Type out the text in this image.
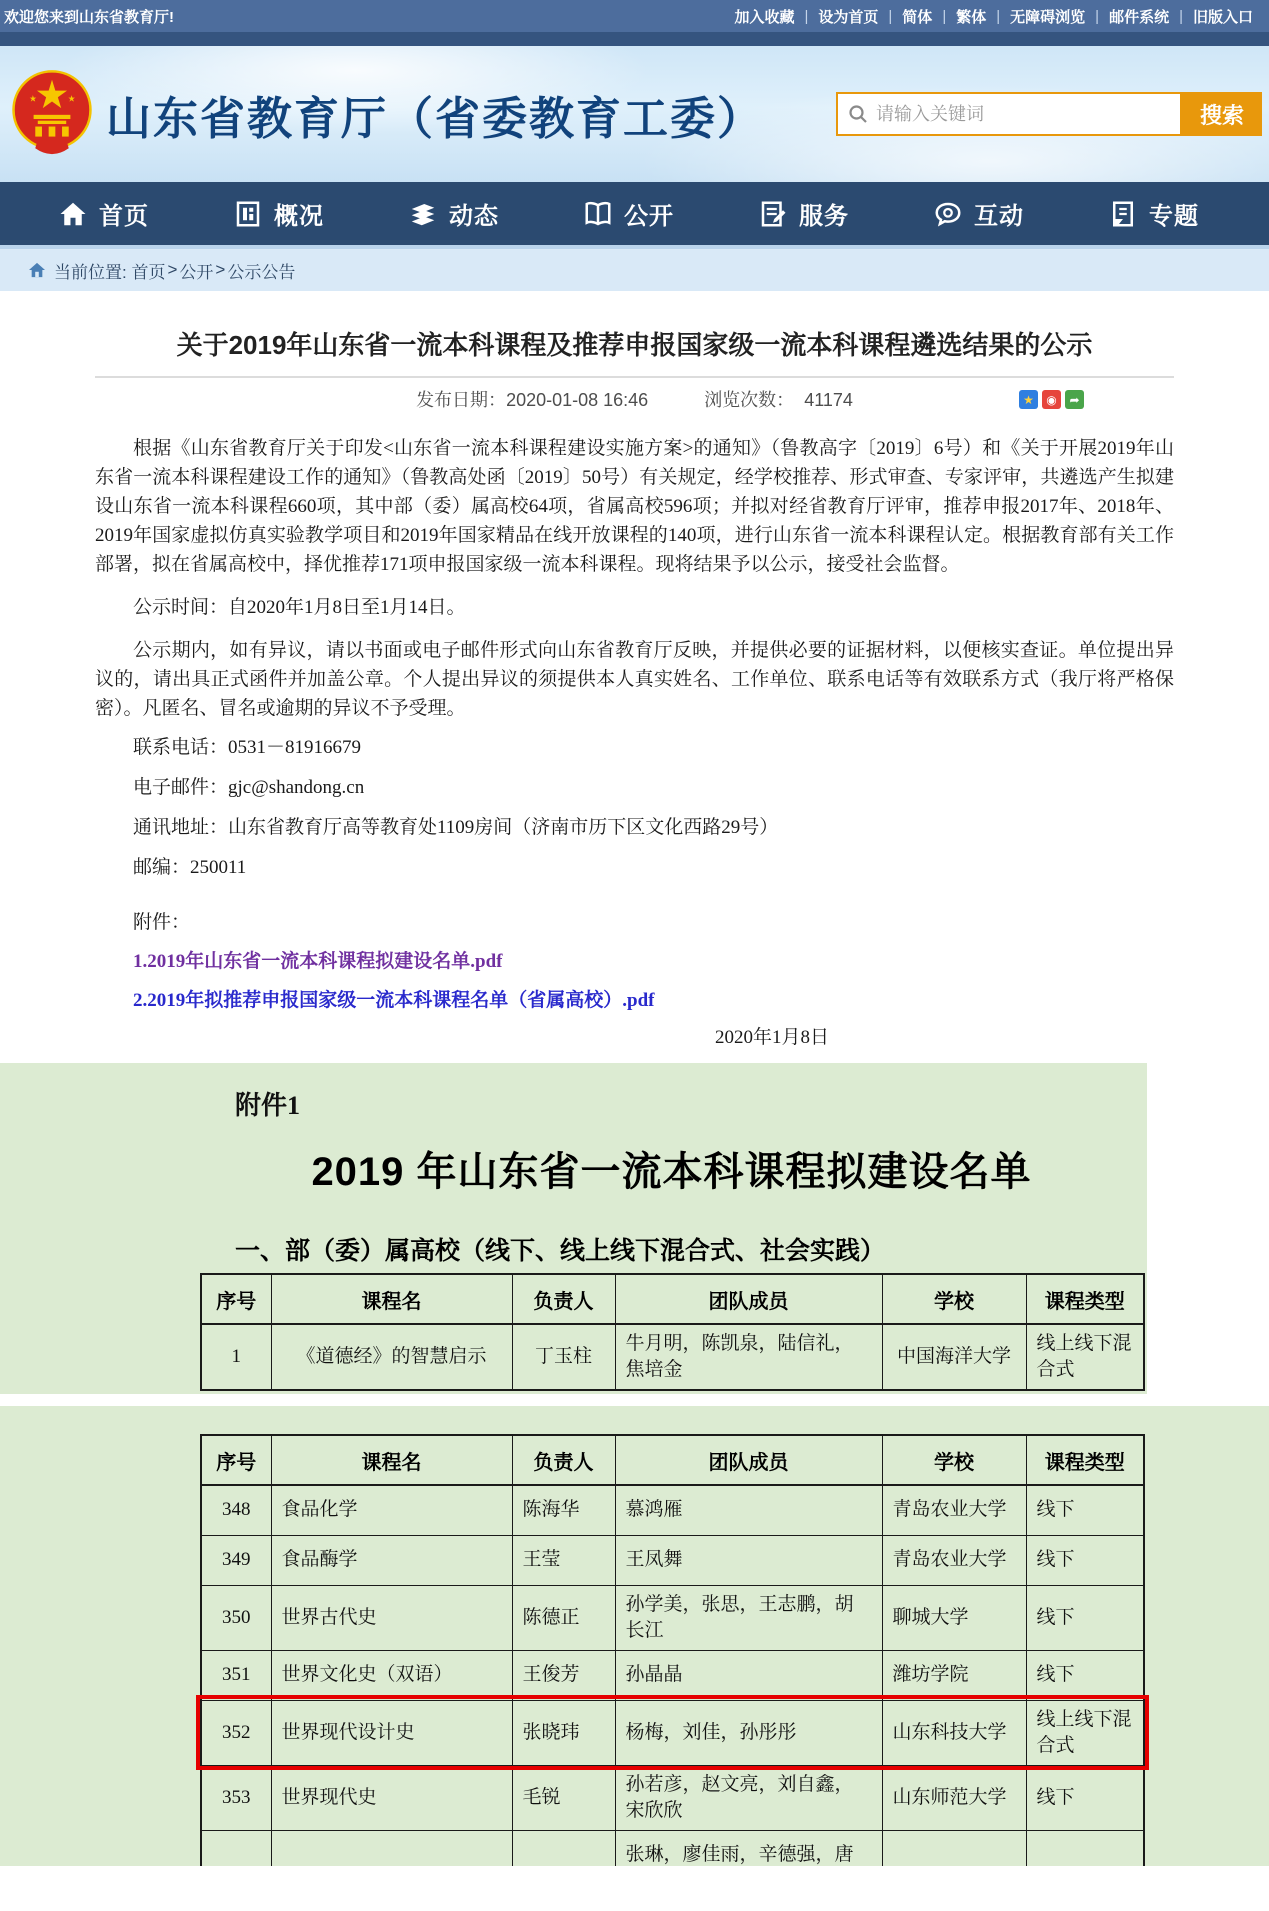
欢迎您来到山东省教育厅!	加入收藏 | 设为首页 | 简体 | 繁体 | 无障碍浏览 | 邮件系统 | 旧版入口
山东省教育厅（省委教育工委）
请输入关键词	搜索
首页	概况	动态	公开	服务	互动	专题
当前位置:
首页 > 公开 > 公示公告
关于2019年山东省一流本科课程及推荐申报国家级一流本科课程遴选结果的公示
发布日期：2020-01-08 16:46	浏览次数： 41174	★	◉	➦

根据《山东省教育厅关于印发<山东省一流本科课程建设实施方案>的通知》（鲁教高字〔2019〕6号）和《关于开展2019年山东省一流本科课程建设工作的通知》（鲁教高处函〔2019〕50号）有关规定，经学校推荐、形式审查、专家评审，共遴选产生拟建设山东省一流本科课程660项，其中部（委）属高校64项，省属高校596项；并拟对经省教育厅评审，推荐申报2017年、2018年、2019年国家虚拟仿真实验教学项目和2019年国家精品在线开放课程的140项，进行山东省一流本科课程认定。根据教育部有关工作部署，拟在省属高校中，择优推荐171项申报国家级一流本科课程。现将结果予以公示，接受社会监督。

公示时间：自2020年1月8日至1月14日。

公示期内，如有异议，请以书面或电子邮件形式向山东省教育厅反映，并提供必要的证据材料，以便核实查证。单位提出异议的，请出具正式函件并加盖公章。个人提出异议的须提供本人真实姓名、工作单位、联系电话等有效联系方式（我厅将严格保密）。凡匿名、冒名或逾期的异议不予受理。

联系电话：0531－81916679

电子邮件：gjc@shandong.cn

通讯地址：山东省教育厅高等教育处1109房间（济南市历下区文化西路29号）

邮编：250011

附件：

1.2019年山东省一流本科课程拟建设名单.pdf
2.2019年拟推荐申报国家级一流本科课程名单（省属高校）.pdf

2020年1月8日

附件1
2019 年山东省一流本科课程拟建设名单
一、部（委）属高校（线下、线上线下混合式、社会实践）
序号	课程名	负责人	团队成员	学校	课程类型
1	《道德经》的智慧启示	丁玉柱	牛月明，陈凯泉，陆信礼，焦培金	中国海洋大学	线上线下混合式
序号	课程名	负责人	团队成员	学校	课程类型
348	食品化学	陈海华	慕鸿雁	青岛农业大学	线下
349	食品酶学	王莹	王凤舞	青岛农业大学	线下
350	世界古代史	陈德正	孙学美，张思，王志鹏，胡长江	聊城大学	线下
351	世界文化史（双语）	王俊芳	孙晶晶	潍坊学院	线下
352	世界现代设计史	张晓玮	杨梅，刘佳，孙彤彤	山东科技大学	线上线下混合式
353	世界现代史	毛锐	孙若彦，赵文亮，刘自鑫，宋欣欣	山东师范大学	线下
			张琳，廖佳雨，辛德强，唐		
